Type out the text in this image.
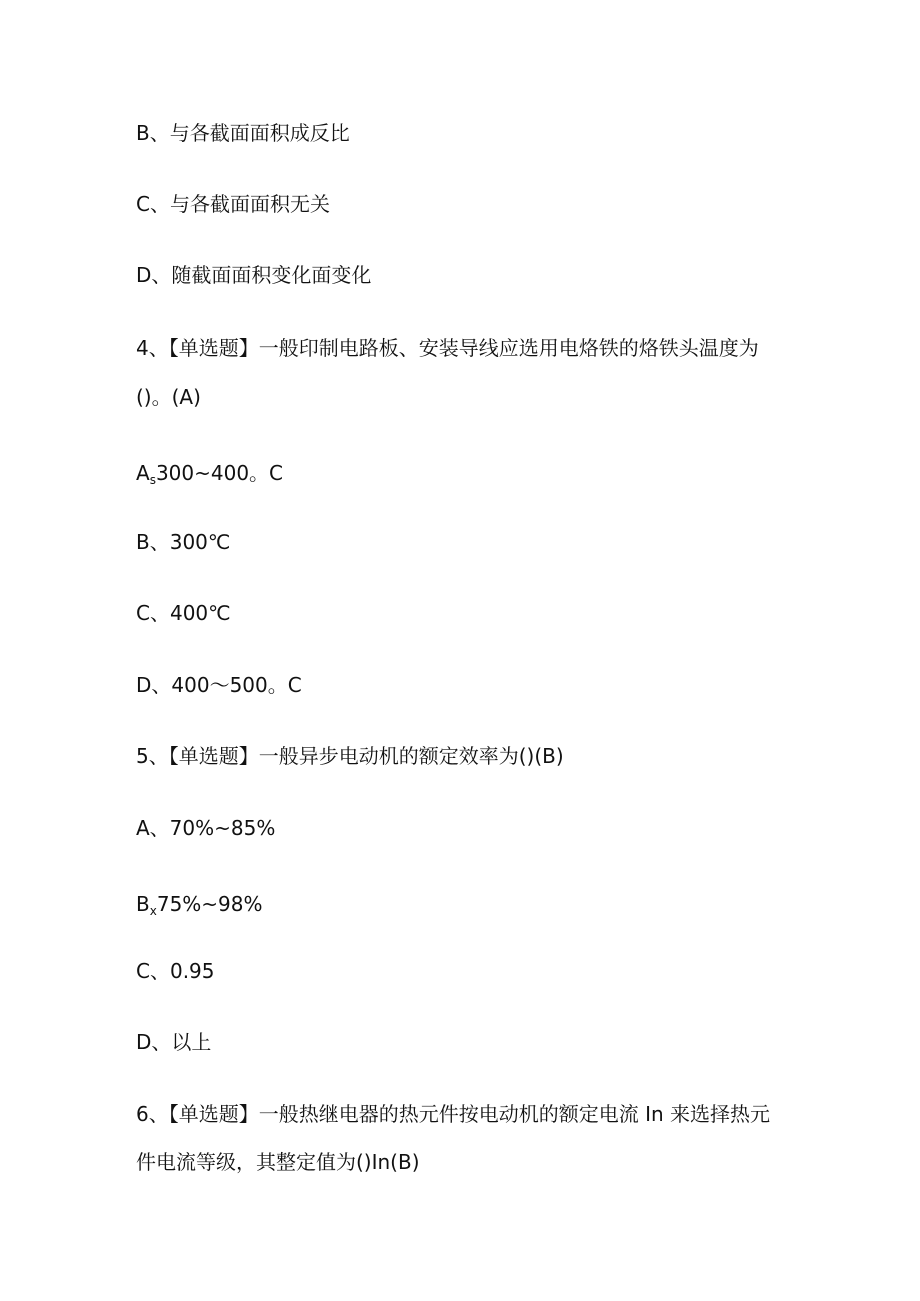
B、与各截面面积成反比
C、与各截面面积无关
D、随截面面积变化面变化
4、【单选题】一般印制电路板、安装导线应选用电烙铁的烙铁头温度为
()。(A)
$A_s300\sim 400$。C
B、300℃
C、400℃
D、400～500。C
5、【单选题】一般异步电动机的额定效率为()(B)
A、70%~85%
$B_x75\%\sim 98\%$
C、0.95
D、以上
6、【单选题】一般热继电器的热元件按电动机的额定电流 In 来选择热元
件电流等级，其整定值为()In(B)
